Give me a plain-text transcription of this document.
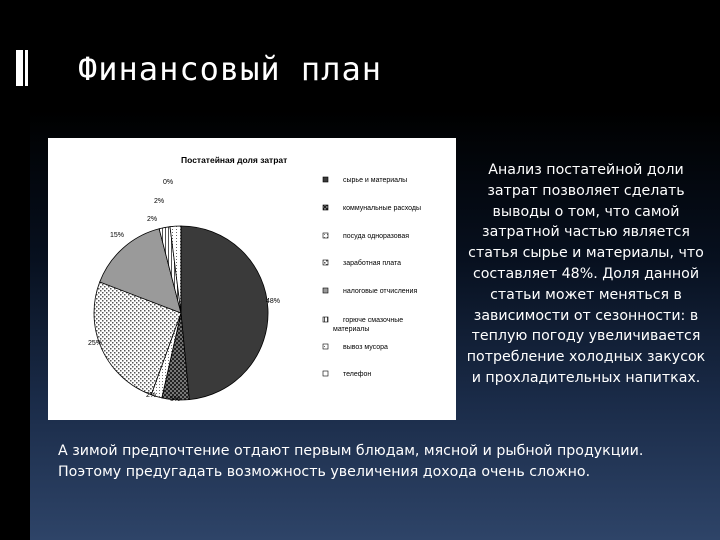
Финансовый план
Постатейная доля затрат
48%
5%
2%
25%
15%
2%
2%
0%	сырье и материалы
коммунальные расходы
посуда одноразовая
заработная плата
налоговые отчисления
горюче смазочные материалы
вывоз мусора
телефон
Анализ постатейной доли затрат позволяет сделать выводы о том, что самой затратной частью является статья сырье и материалы, что составляет 48%. Доля данной статьи может меняться в зависимости от сезонности: в теплую погоду увеличивается потребление холодных закусок и прохладительных напитках.
А зимой предпочтение отдают первым блюдам, мясной и рыбной продукции. Поэтому предугадать возможность увеличения дохода очень сложно.
